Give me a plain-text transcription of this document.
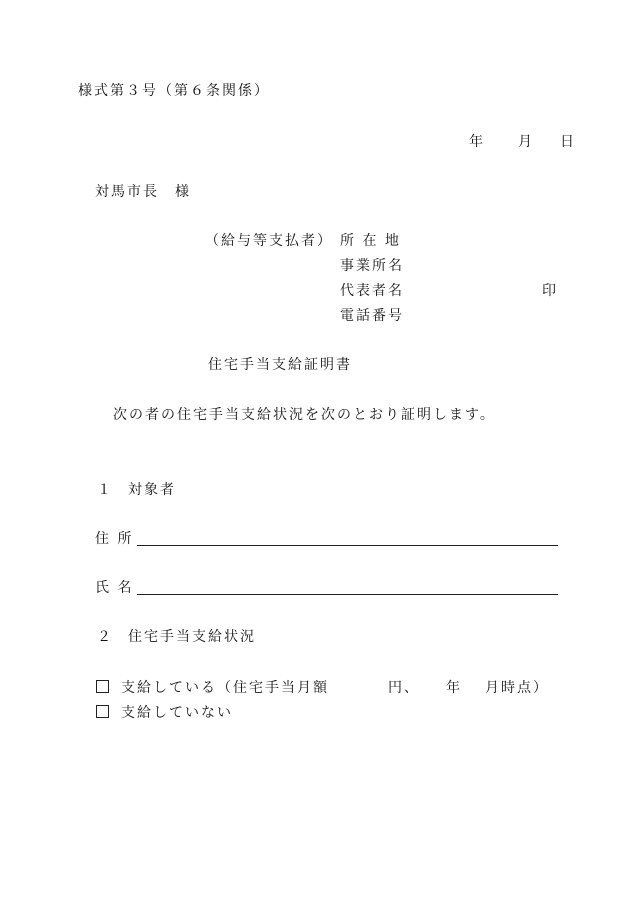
様式第３号（第６条関係）
年 月 日
対馬市長　様
（給与等支払者） 所 在 地
事業所名
代表者名	印
電話番号
住宅手当支給証明書
次の者の住宅手当支給状況を次のとおり証明します。
１ 対象者
住 所
氏 名
２ 住宅手当支給状況
支給している（住宅手当月額	円、 年 月時点）
支給していない
